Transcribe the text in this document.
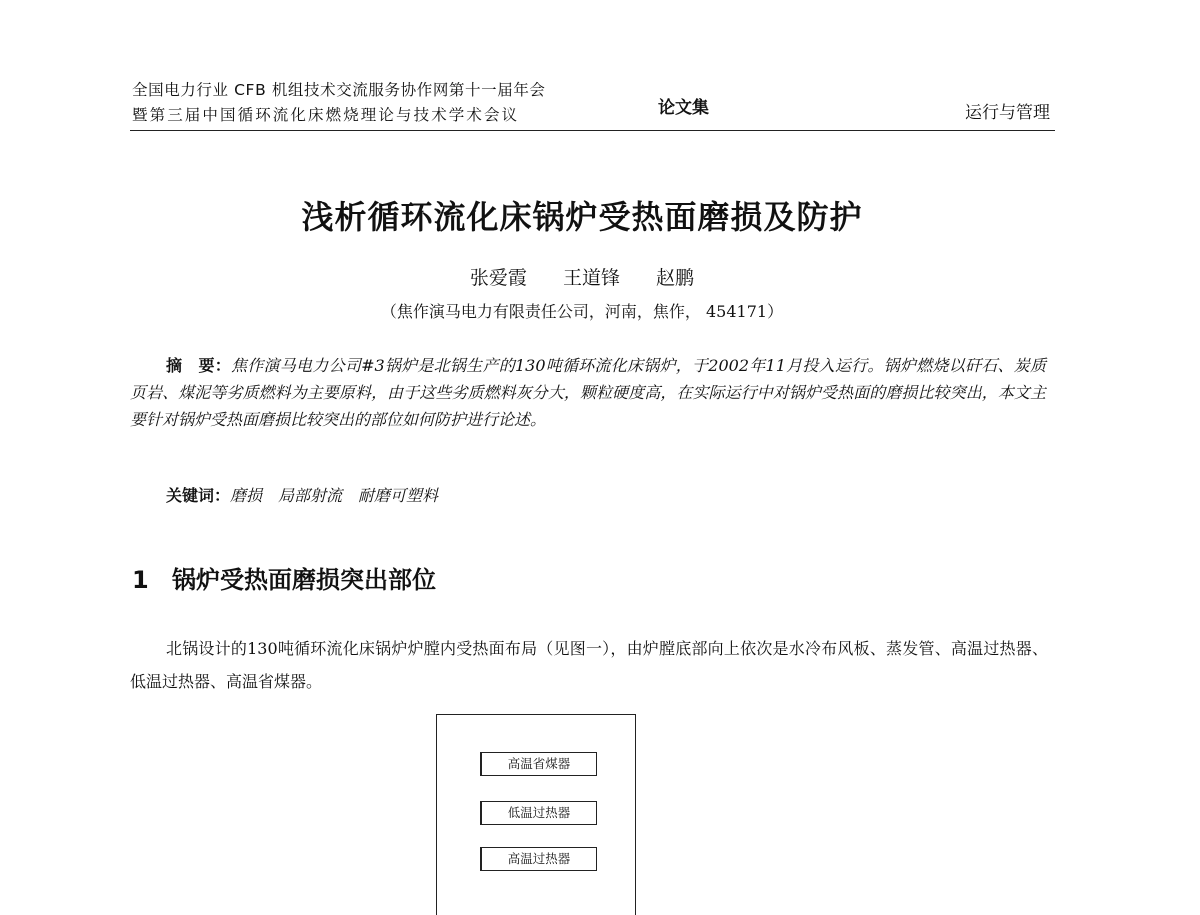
全国电力行业 CFB 机组技术交流服务协作网第十一届年会
暨第三届中国循环流化床燃烧理论与技术学术会议	论文集	运行与管理
浅析循环流化床锅炉受热面磨损及防护
张爱霞 王道锋 赵鹏
（焦作演马电力有限责任公司，河南，焦作， 454171）
摘　要：焦作演马电力公司#3锅炉是北锅生产的130吨循环流化床锅炉，于2002年11月投入运行。锅炉燃烧以矸石、炭质页岩、煤泥等劣质燃料为主要原料，由于这些劣质燃料灰分大，颗粒硬度高，在实际运行中对锅炉受热面的磨损比较突出，本文主要针对锅炉受热面磨损比较突出的部位如何防护进行论述。
关键词：磨损　局部射流　耐磨可塑料
1 锅炉受热面磨损突出部位
北锅设计的130吨循环流化床锅炉炉膛内受热面布局（见图一），由炉膛底部向上依次是水冷布风板、蒸发管、高温过热器、低温过热器、高温省煤器。
高温省煤器
低温过热器
高温过热器
